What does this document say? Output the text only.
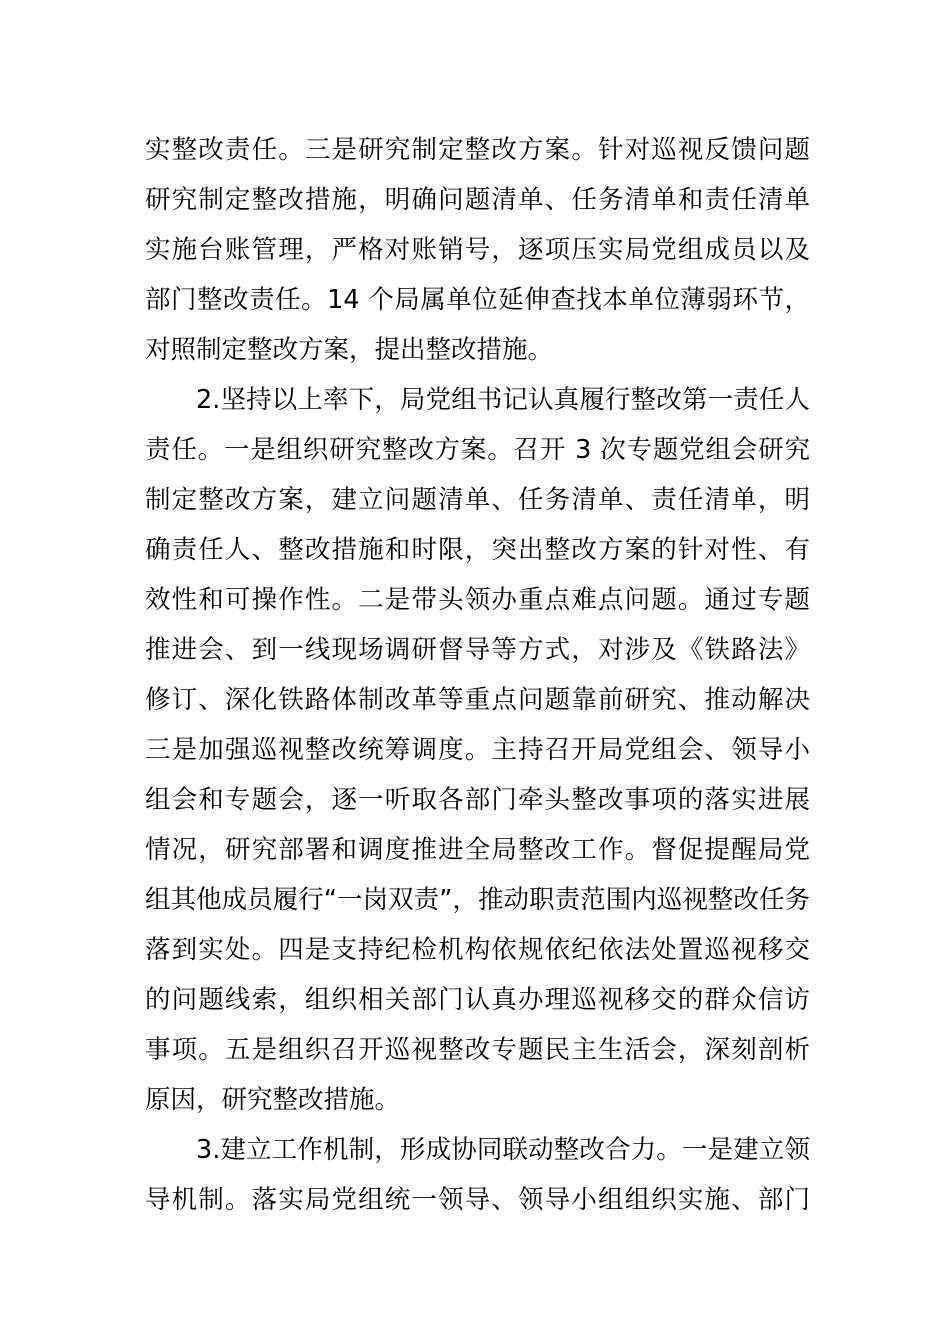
实整改责任。三是研究制定整改方案。针对巡视反馈问题
研究制定整改措施，明确问题清单、任务清单和责任清单
实施台账管理，严格对账销号，逐项压实局党组成员以及
部门整改责任。14 个局属单位延伸查找本单位薄弱环节，
对照制定整改方案，提出整改措施。
2.坚持以上率下，局党组书记认真履行整改第一责任人
责任。一是组织研究整改方案。召开 3 次专题党组会研究
制定整改方案，建立问题清单、任务清单、责任清单，明
确责任人、整改措施和时限，突出整改方案的针对性、有
效性和可操作性。二是带头领办重点难点问题。通过专题
推进会、到一线现场调研督导等方式，对涉及《铁路法》
修订、深化铁路体制改革等重点问题靠前研究、推动解决
三是加强巡视整改统筹调度。主持召开局党组会、领导小
组会和专题会，逐一听取各部门牵头整改事项的落实进展
情况，研究部署和调度推进全局整改工作。督促提醒局党
组其他成员履行“一岗双责”，推动职责范围内巡视整改任务
落到实处。四是支持纪检机构依规依纪依法处置巡视移交
的问题线索，组织相关部门认真办理巡视移交的群众信访
事项。五是组织召开巡视整改专题民主生活会，深刻剖析
原因，研究整改措施。
3.建立工作机制，形成协同联动整改合力。一是建立领
导机制。落实局党组统一领导、领导小组组织实施、部门
